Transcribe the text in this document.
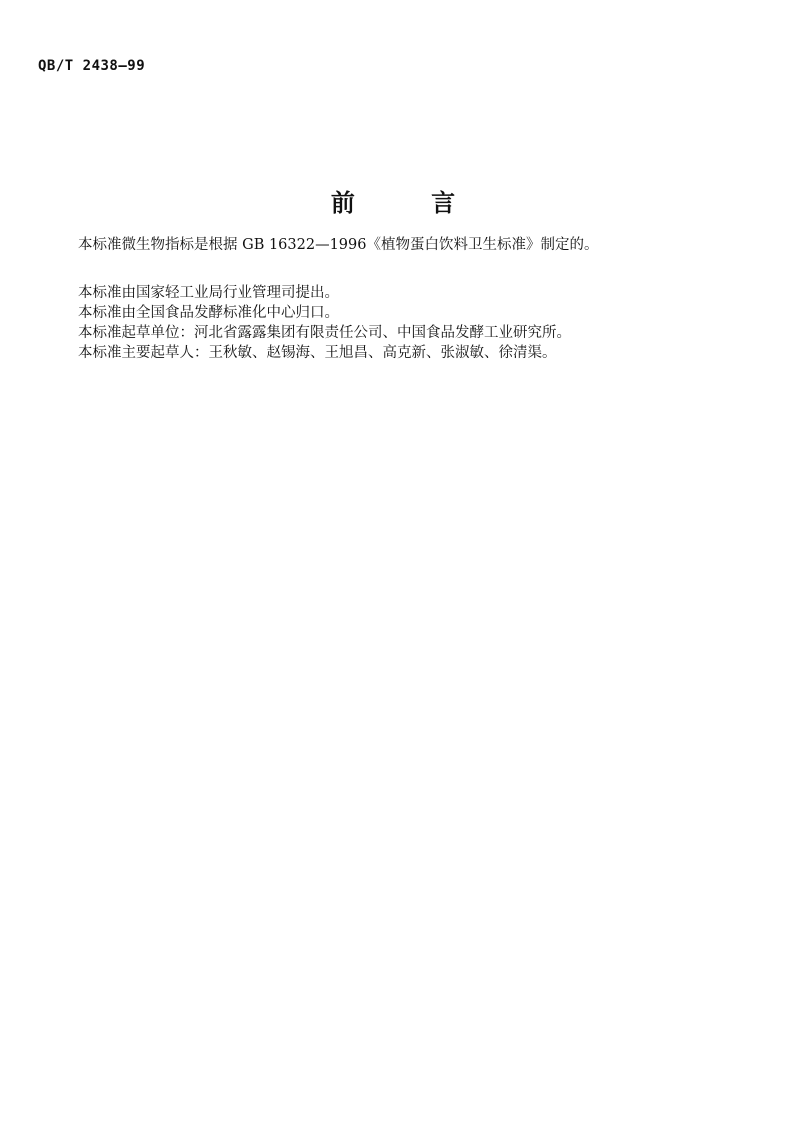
QB/T 2438—99
前 言
本标准微生物指标是根据 GB 16322—1996《植物蛋白饮料卫生标准》制定的。
本标准由国家轻工业局行业管理司提出。
本标准由全国食品发酵标准化中心归口。
本标准起草单位：河北省露露集团有限责任公司、中国食品发酵工业研究所。
本标准主要起草人：王秋敏、赵锡海、王旭昌、高克新、张淑敏、徐清渠。
